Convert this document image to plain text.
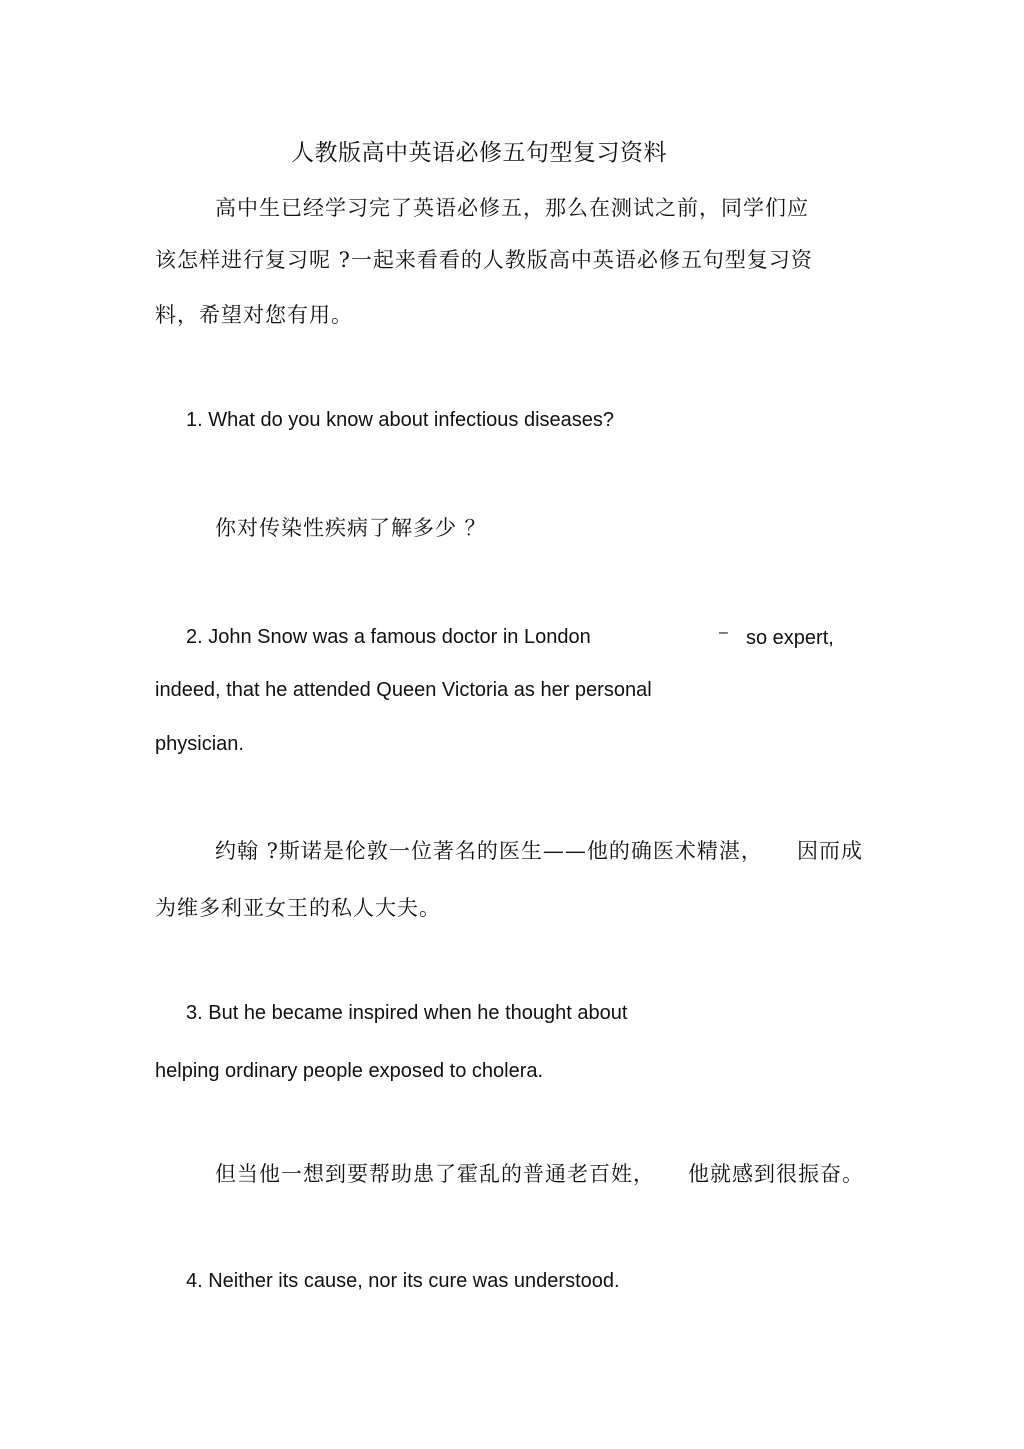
人教版高中英语必修五句型复习资料

高中生已经学习完了英语必修五，那么在测试之前，同学们应

该怎样进行复习呢 ?一起来看看的人教版高中英语必修五句型复习资

料，希望对您有用。

1. What do you know about infectious diseases?

你对传染性疾病了解多少 ？

2. John Snow was a famous doctor in London	– so expert,

indeed, that he attended Queen Victoria as her personal

physician.

约翰 ?斯诺是伦敦一位著名的医生——他的确医术精湛， 因而成

为维多利亚女王的私人大夫。

3. But he became inspired when he thought about

helping ordinary people exposed to cholera.

但当他一想到要帮助患了霍乱的普通老百姓， 他就感到很振奋。

4. Neither its cause, nor its cure was understood.
